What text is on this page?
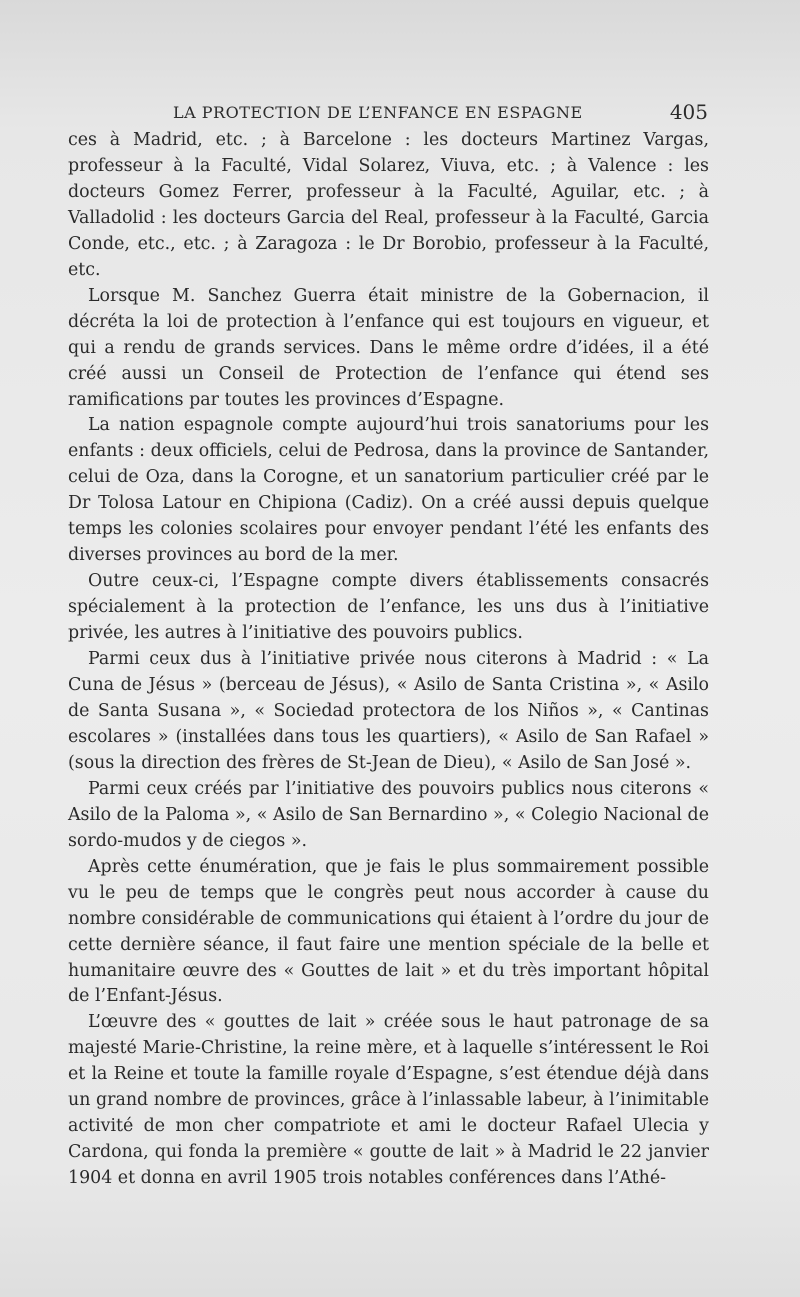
LA PROTECTION DE L’ENFANCE EN ESPAGNE	405

ces à Madrid, etc. ; à Barcelone : les docteurs Martinez Vargas, professeur à la Faculté, Vidal Solarez, Viuva, etc. ; à Valence : les docteurs Gomez Ferrer, professeur à la Faculté, Aguilar, etc. ; à Valladolid : les docteurs Garcia del Real, professeur à la Faculté, Garcia Conde, etc., etc. ; à Zaragoza : le Dr Borobio, professeur à la Faculté, etc.

Lorsque M. Sanchez Guerra était ministre de la Gobernacion, il décréta la loi de protection à l’enfance qui est toujours en vigueur, et qui a rendu de grands services. Dans le même ordre d’idées, il a été créé aussi un Conseil de Protection de l’enfance qui étend ses ramifications par toutes les provinces d’Espagne.

La nation espagnole compte aujourd’hui trois sanatoriums pour les enfants : deux officiels, celui de Pedrosa, dans la province de Santander, celui de Oza, dans la Corogne, et un sanatorium particulier créé par le Dr Tolosa Latour en Chipiona (Cadiz). On a créé aussi depuis quelque temps les colonies scolaires pour envoyer pendant l’été les enfants des diverses provinces au bord de la mer.

Outre ceux-ci, l’Espagne compte divers établissements consacrés spécialement à la protection de l’enfance, les uns dus à l’initiative privée, les autres à l’initiative des pouvoirs publics.

Parmi ceux dus à l’initiative privée nous citerons à Madrid : « La Cuna de Jésus » (berceau de Jésus), « Asilo de Santa Cristina », « Asilo de Santa Susana », « Sociedad protectora de los Niños », « Cantinas escolares » (installées dans tous les quartiers), « Asilo de San Rafael » (sous la direction des frères de St-Jean de Dieu), « Asilo de San José ».

Parmi ceux créés par l’initiative des pouvoirs publics nous citerons « Asilo de la Paloma », « Asilo de San Bernardino », « Colegio Nacional de sordo-mudos y de ciegos ».

Après cette énumération, que je fais le plus sommairement possible vu le peu de temps que le congrès peut nous accorder à cause du nombre considérable de communications qui étaient à l’ordre du jour de cette dernière séance, il faut faire une mention spéciale de la belle et humanitaire œuvre des « Gouttes de lait » et du très important hôpital de l’Enfant-Jésus.

L’œuvre des « gouttes de lait » créée sous le haut patronage de sa majesté Marie-Christine, la reine mère, et à laquelle s’intéressent le Roi et la Reine et toute la famille royale d’Espagne, s’est étendue déjà dans un grand nombre de provinces, grâce à l’inlassable labeur, à l’inimitable activité de mon cher compatriote et ami le docteur Rafael Ulecia y Cardona, qui fonda la première « goutte de lait » à Madrid le 22 janvier 1904 et donna en avril 1905 trois notables conférences dans l’Athé-
